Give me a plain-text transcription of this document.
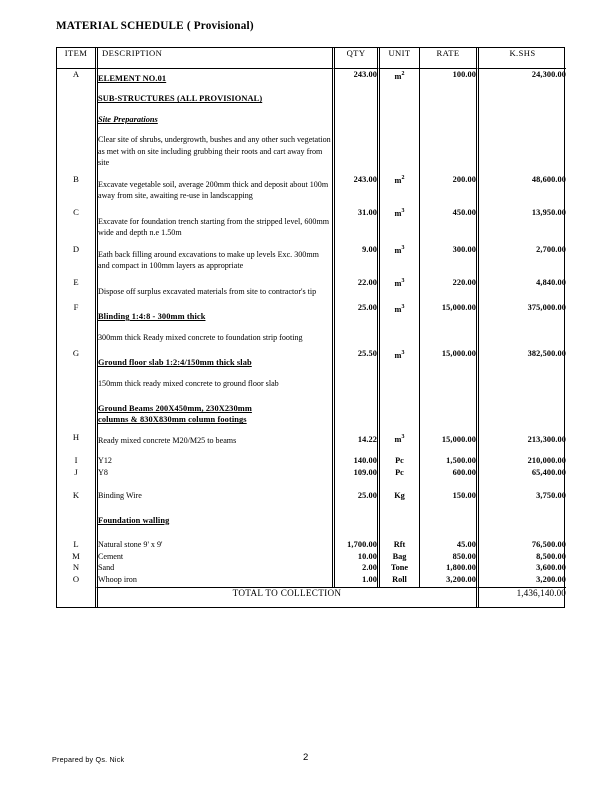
MATERIAL SCHEDULE ( Provisional)
ITEM	DESCRIPTION	QTY	UNIT	RATE	K.SHS
A	ELEMENT NO.01
SUB-STRUCTURES (ALL PROVISIONAL)
Site Preparations
Clear site of shrubs, undergrowth, bushes and any other such vegetation as met with on site including grubbing their roots and cart away from site	243.00	$m^2$	100.00	24,300.00
B	Excavate vegetable soil, average 200mm thick and deposit about 100m away from site, awaiting re-use in landscapping	243.00	$m^2$	200.00	48,600.00
C	Excavate for foundation trench starting from the stripped level, 600mm wide and depth n.e 1.50m	31.00	$m^3$	450.00	13,950.00
D	Eath back filling around excavations to make up levels Exc. 300mm and compact in 100mm layers as appropriate	9.00	$m^3$	300.00	2,700.00
E	Dispose off surplus excavated materials from site to contractor's tip	22.00	$m^3$	220.00	4,840.00
F	Blinding 1:4:8 - 300mm thick
300mm thick Ready mixed concrete to foundation strip footing	25.00	$m^3$	15,000.00	375,000.00
G	Ground floor slab 1:2:4/150mm thick slab
150mm thick ready mixed concrete to ground floor slab	25.50	$m^3$	15,000.00	382,500.00
H	Ground Beams 200X450mm, 230X230mm
columns & 830X830mm column footings
Ready mixed concrete M20/M25 to beams	14.22	$m^3$	15,000.00	213,300.00
I	Y12	140.00	Pc	1,500.00	210,000.00
J	Y8	109.00	Pc	600.00	65,400.00
K	Binding Wire	25.00	Kg	150.00	3,750.00
	Foundation walling				
L	Natural stone 9' x 9'	1,700.00	Rft	45.00	76,500.00
M	Cement	10.00	Bag	850.00	8,500.00
N	Sand	2.00	Tone	1,800.00	3,600.00
O	Whoop iron	1.00	Roll	3,200.00	3,200.00
	TOTAL TO COLLECTION				1,436,140.00
Prepared by Qs. Nick	2
